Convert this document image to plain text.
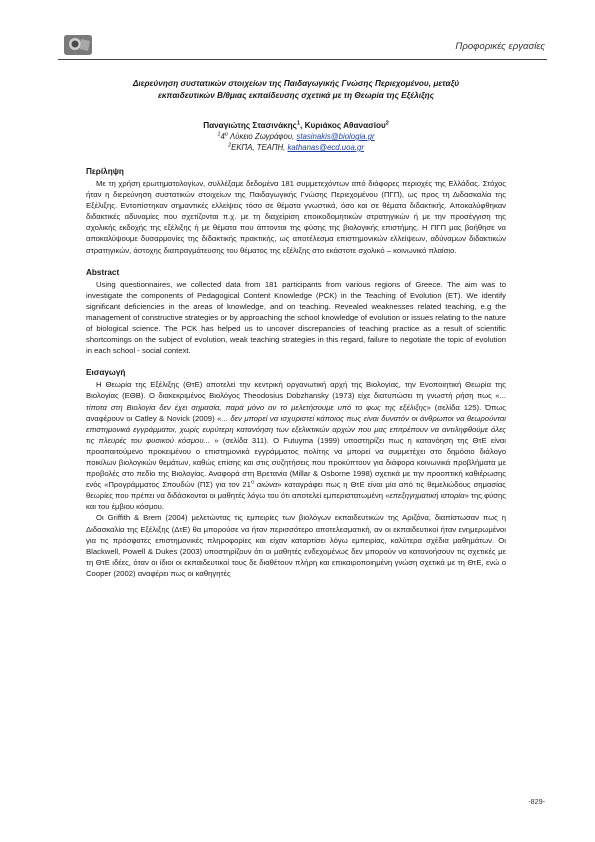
Πρoφορικές εργασίες

Διερεύνηση συστατικών στοιχείων της Παιδαγωγικής Γνώσης Περιεχομένου, μεταξύ

εκπαιδευτικών Β/θμιας εκπαίδευσης σχετικά με τη Θεωρία της Εξέλιξης

Παναγιώτης Στασινάκης$^1$, Κυριάκος Αθανασίου$^2$
$^14^o$ Λύκειο Ζωγράφου, stasinakis@biologia.gr
$^2$ΕΚΠΑ, ΤΕΑΠΗ, kathanas@ecd.uoa.gr
Περίληψη

Με τη χρήση ερωτηματολογίων, συλλέξαμε δεδομένα 181 συμμετεχόντων από διάφορες περιοχές της Ελλάδας. Στόχος ήταν η διερεύνηση συστατικών στοιχείων της Παιδαγωγικής Γνώσης Περιεχομένου (ΠΓΠ), ως προς τη Διδασκαλία της Εξέλιξης. Εντοπίστηκαν σημαντικές ελλείψεις τόσο σε θέματα γνωστικά, όσο και σε θέματα διδακτικής. Αποκαλύφθηκαν διδακτικές αδυναμίες που σχετίζονται π.χ. με τη διαχείριση εποικοδομητικών στρατηγικών ή με την προσέγγιση της σχολικής εκδοχής της εξέλιξης ή με θέματα που άπτονται της φύσης της βιολογικής επιστήμης. Η ΠΓΠ μας βοήθησε να αποκαλύψουμε δυσαρμονίες της διδακτικής πρακτικής, ως αποτέλεσμα επιστημονικών ελλείψεων, αδύναμων διδακτικών στρατηγικών, άστοχης διαπραγμάτευσης του θέματος της εξέλιξης στο εκάστοτε σχολικό – κοινωνικό πλαίσιο.

Abstract

Using questionnaires, we collected data from 181 participants from various regions of Greece. The aim was to investigate the components of Pedagogical Content Knowledge (PCK) in the Teaching of Evolution (ET). We identify significant deficiencies in the areas of knowledge, and on teaching. Revealed weaknesses related teaching, e.g the management of constructive strategies or by approaching the school knowledge of evolution or issues relating to the nature of biological science. The PCK has helped us to uncover discrepancies of teaching practice as a result of scientific shortcomings on the subject of evolution, weak teaching strategies in this regard, failure to negotiate the topic of evolution in each school - social context.

Εισαγωγή

Η Θεωρία της Εξέλιξης (ΘτΕ) αποτελεί την κεντρική οργανωτική αρχή της Βιολογίας, την Ενοποιητική Θεωρία της Βιολογίας (ΕΘΒ). Ο διακεκριμένος Βιολόγος Theodosius Dobzhansky (1973) είχε διατυπώσει τη γνωστή ρήση πως «... τίποτα στη Βιολογία δεν έχει σημασία, παρά μόνο αν το μελετήσουμε υπό το φως της εξέλιξης» (σελίδα 125). Όπως αναφέρουν οι Catley & Novick (2009) «... δεν μπορεί να ισχυριστεί κάποιος πως είναι δυνατόν οι άνθρωποι να θεωρούνται επιστημονικά εγγράμματοι, χωρίς ευρύτερη κατανόηση των εξελικτικών αρχών που μας επιτρέπουν να αντιληφθούμε όλες τις πλευρές του φυσικού κόσμου... » (σελίδα 311). Ο Futuyma (1999) υποστηρίζει πως η κατανόηση της ΘτΕ είναι προαπαιτούμενο προκειμένου ο επιστημονικά εγγράμματος πολίτης να μπορεί να συμμετέχει στο δημόσιο διάλογο ποικίλων βιολογικών θεμάτων, καθώς επίσης και στις συζητήσεις που προκύπτουν για διάφορα κοινωνικά προβλήματα με προβολές στο πεδίο της Βιολογίας. Αναφορά στη Βρετανία (Millar & Osborne 1998) σχετικά με την προοπτική καθιέρωσης ενός «Προγράμματος Σπουδών (ΠΣ) για τον $21^o$ αιώνα» καταγράφει πως η ΘτΕ είναι μία από τις θεμελιώδους σημασίας θεωρίες που πρέπει να διδάσκονται οι μαθητές λόγω του ότι αποτελεί εμπεριστατωμένη «επεξηγηματική ιστορία» της φύσης και του έμβιου κόσμου.

Οι Griffith & Brem (2004) μελετώντας τις εμπειρίες των βιολόγων εκπαιδευτικών της Αριζόνα, διαπίστωσαν πως η Διδασκαλία της Εξέλιξης (ΔτΕ) θα μπορούσε να ήταν περισσότερο αποτελεσματική, αν οι εκπαιδευτικοί ήταν ενημερωμένοι για τις πρόσφατες επιστημονικές πληροφορίες και είχαν καταρτίσει λόγω εμπειρίας, καλύτερα σχέδια μαθημάτων. Οι Blackwell, Powell & Dukes (2003) υποστηρίζουν ότι οι μαθητές ενδεχομένως δεν μπορούν να κατανοήσουν τις σχετικές με τη ΘτΕ ιδέες, όταν οι ίδιοι οι εκπαιδευτικοί τους δε διαθέτουν πλήρη και επικαιροποιημένη γνώση σχετικά με τη ΘτΕ, ενώ ο Cooper (2002) αναφέρει πως οι καθηγητές

-829-
